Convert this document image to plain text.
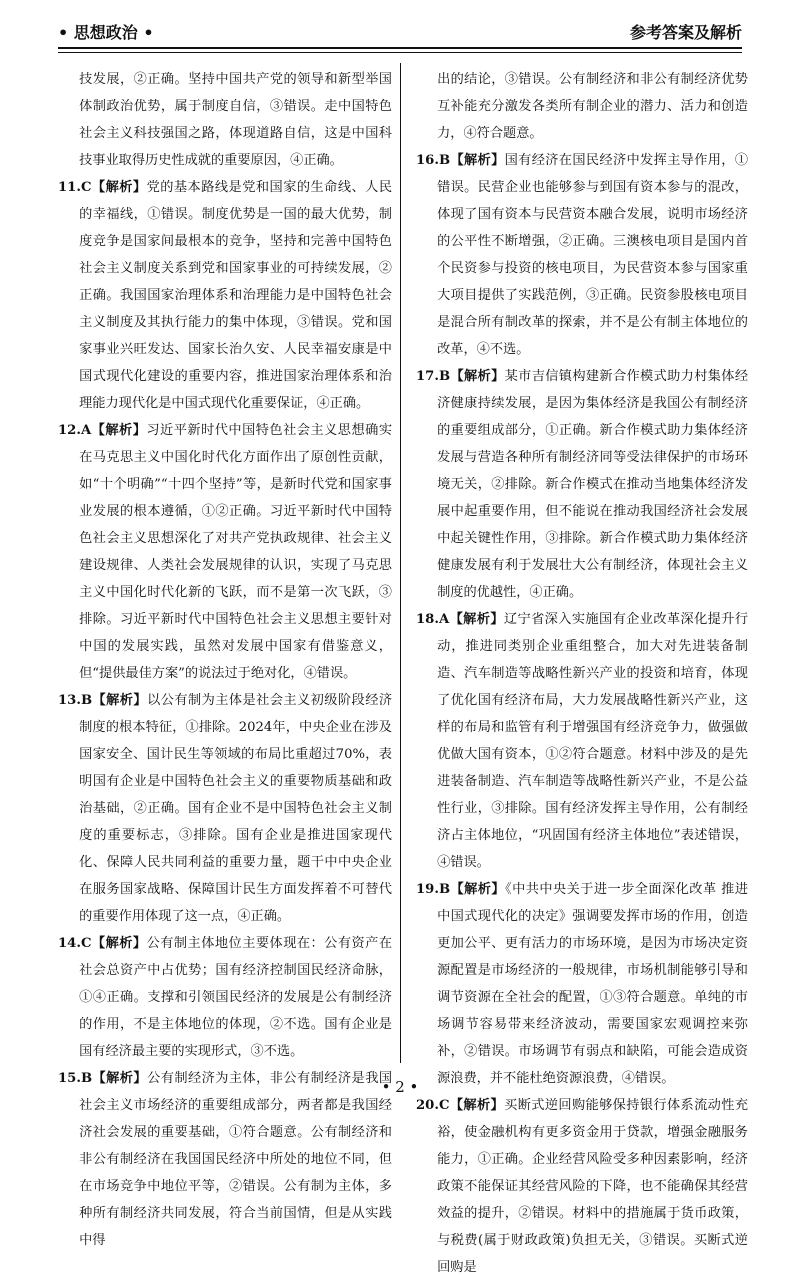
• 思想政治 •	参考答案及解析

技发展，②正确。坚持中国共产党的领导和新型举国体制政治优势，属于制度自信，③错误。走中国特色社会主义科技强国之路，体现道路自信，这是中国科技事业取得历史性成就的重要原因，④正确。

11.C【解析】党的基本路线是党和国家的生命线、人民的幸福线，①错误。制度优势是一国的最大优势，制度竞争是国家间最根本的竞争，坚持和完善中国特色社会主义制度关系到党和国家事业的可持续发展，②正确。我国国家治理体系和治理能力是中国特色社会主义制度及其执行能力的集中体现，③错误。党和国家事业兴旺发达、国家长治久安、人民幸福安康是中国式现代化建设的重要内容，推进国家治理体系和治理能力现代化是中国式现代化重要保证，④正确。

12.A【解析】习近平新时代中国特色社会主义思想确实在马克思主义中国化时代化方面作出了原创性贡献，如“十个明确”“十四个坚持”等，是新时代党和国家事业发展的根本遵循，①②正确。习近平新时代中国特色社会主义思想深化了对共产党执政规律、社会主义建设规律、人类社会发展规律的认识，实现了马克思主义中国化时代化新的飞跃，而不是第一次飞跃，③排除。习近平新时代中国特色社会主义思想主要针对中国的发展实践，虽然对发展中国家有借鉴意义，但“提供最佳方案”的说法过于绝对化，④错误。

13.B【解析】以公有制为主体是社会主义初级阶段经济制度的根本特征，①排除。2024年，中央企业在涉及国家安全、国计民生等领域的布局比重超过70%，表明国有企业是中国特色社会主义的重要物质基础和政治基础，②正确。国有企业不是中国特色社会主义制度的重要标志，③排除。国有企业是推进国家现代化、保障人民共同利益的重要力量，题干中中央企业在服务国家战略、保障国计民生方面发挥着不可替代的重要作用体现了这一点，④正确。

14.C【解析】公有制主体地位主要体现在：公有资产在社会总资产中占优势；国有经济控制国民经济命脉，①④正确。支撑和引领国民经济的发展是公有制经济的作用，不是主体地位的体现，②不选。国有企业是国有经济最主要的实现形式，③不选。

15.B【解析】公有制经济为主体，非公有制经济是我国社会主义市场经济的重要组成部分，两者都是我国经济社会发展的重要基础，①符合题意。公有制经济和非公有制经济在我国国民经济中所处的地位不同，但在市场竞争中地位平等，②错误。公有制为主体，多种所有制经济共同发展，符合当前国情，但是从实践中得

出的结论，③错误。公有制经济和非公有制经济优势互补能充分激发各类所有制企业的潜力、活力和创造力，④符合题意。

16.B【解析】国有经济在国民经济中发挥主导作用，①错误。民营企业也能够参与到国有资本参与的混改，体现了国有资本与民营资本融合发展，说明市场经济的公平性不断增强，②正确。三澳核电项目是国内首个民资参与投资的核电项目，为民营资本参与国家重大项目提供了实践范例，③正确。民资参股核电项目是混合所有制改革的探索，并不是公有制主体地位的改革，④不选。

17.B【解析】某市吉信镇构建新合作模式助力村集体经济健康持续发展，是因为集体经济是我国公有制经济的重要组成部分，①正确。新合作模式助力集体经济发展与营造各种所有制经济同等受法律保护的市场环境无关，②排除。新合作模式在推动当地集体经济发展中起重要作用，但不能说在推动我国经济社会发展中起关键性作用，③排除。新合作模式助力集体经济健康发展有利于发展壮大公有制经济，体现社会主义制度的优越性，④正确。

18.A【解析】辽宁省深入实施国有企业改革深化提升行动，推进同类别企业重组整合，加大对先进装备制造、汽车制造等战略性新兴产业的投资和培育，体现了优化国有经济布局，大力发展战略性新兴产业，这样的布局和监管有利于增强国有经济竞争力，做强做优做大国有资本，①②符合题意。材料中涉及的是先进装备制造、汽车制造等战略性新兴产业，不是公益性行业，③排除。国有经济发挥主导作用，公有制经济占主体地位，“巩固国有经济主体地位”表述错误，④错误。

19.B【解析】《中共中央关于进一步全面深化改革 推进中国式现代化的决定》强调要发挥市场的作用，创造更加公平、更有活力的市场环境，是因为市场决定资源配置是市场经济的一般规律，市场机制能够引导和调节资源在全社会的配置，①③符合题意。单纯的市场调节容易带来经济波动，需要国家宏观调控来弥补，②错误。市场调节有弱点和缺陷，可能会造成资源浪费，并不能杜绝资源浪费，④错误。

20.C【解析】买断式逆回购能够保持银行体系流动性充裕，使金融机构有更多资金用于贷款，增强金融服务能力，①正确。企业经营风险受多种因素影响，经济政策不能保证其经营风险的下降，也不能确保其经营效益的提升，②错误。材料中的措施属于货币政策，与税费(属于财政政策)负担无关，③错误。买断式逆回购是

• 2 •
